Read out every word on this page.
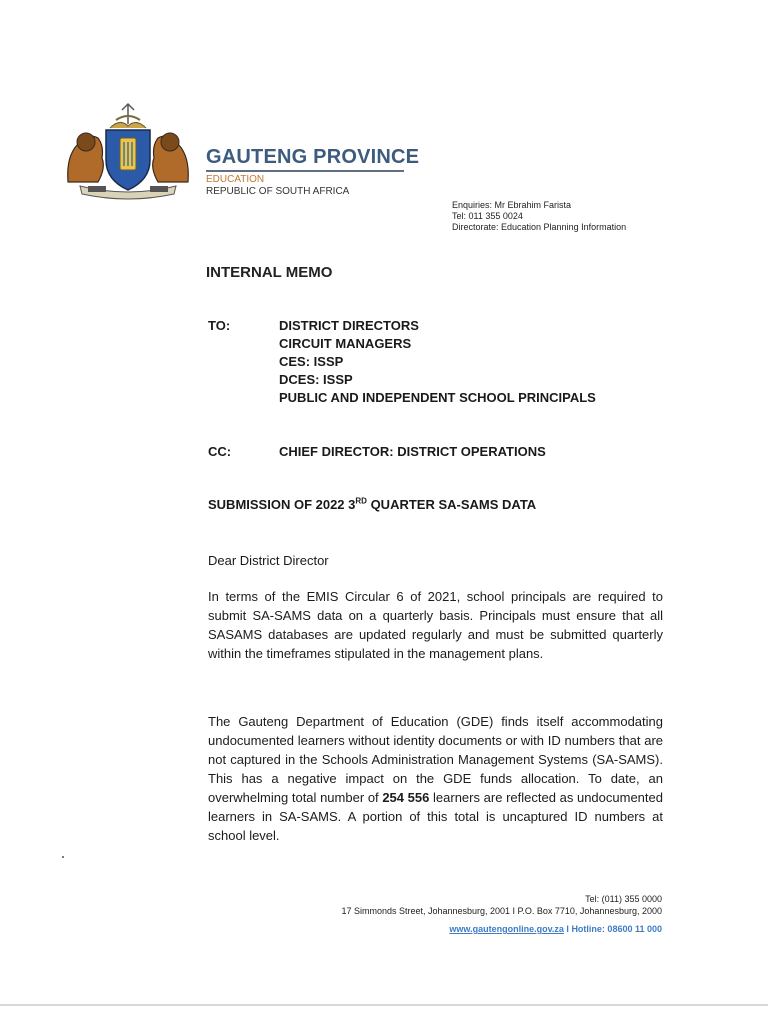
GAUTENG PROVINCE
EDUCATION
REPUBLIC OF SOUTH AFRICA
Enquiries: Mr Ebrahim Farista
Tel: 011 355 0024
Directorate: Education Planning Information
INTERNAL MEMO
TO:	DISTRICT DIRECTORS
CIRCUIT MANAGERS
CES: ISSP
DCES: ISSP
PUBLIC AND INDEPENDENT SCHOOL PRINCIPALS
CC:	CHIEF DIRECTOR: DISTRICT OPERATIONS
SUBMISSION OF 2022 3RD QUARTER SA-SAMS DATA
Dear District Director
In terms of the EMIS Circular 6 of 2021, school principals are required to submit SA-SAMS data on a quarterly basis. Principals must ensure that all SASAMS databases are updated regularly and must be submitted quarterly within the timeframes stipulated in the management plans.
The Gauteng Department of Education (GDE) finds itself accommodating undocumented learners without identity documents or with ID numbers that are not captured in the Schools Administration Management Systems (SA-SAMS). This has a negative impact on the GDE funds allocation. To date, an overwhelming total number of 254 556 learners are reflected as undocumented learners in SA-SAMS. A portion of this total is uncaptured ID numbers at school level.
Tel: (011) 355 0000
17 Simmonds Street, Johannesburg, 2001 I P.O. Box 7710, Johannesburg, 2000
www.gautengonline.gov.za I Hotline: 08600 11 000
